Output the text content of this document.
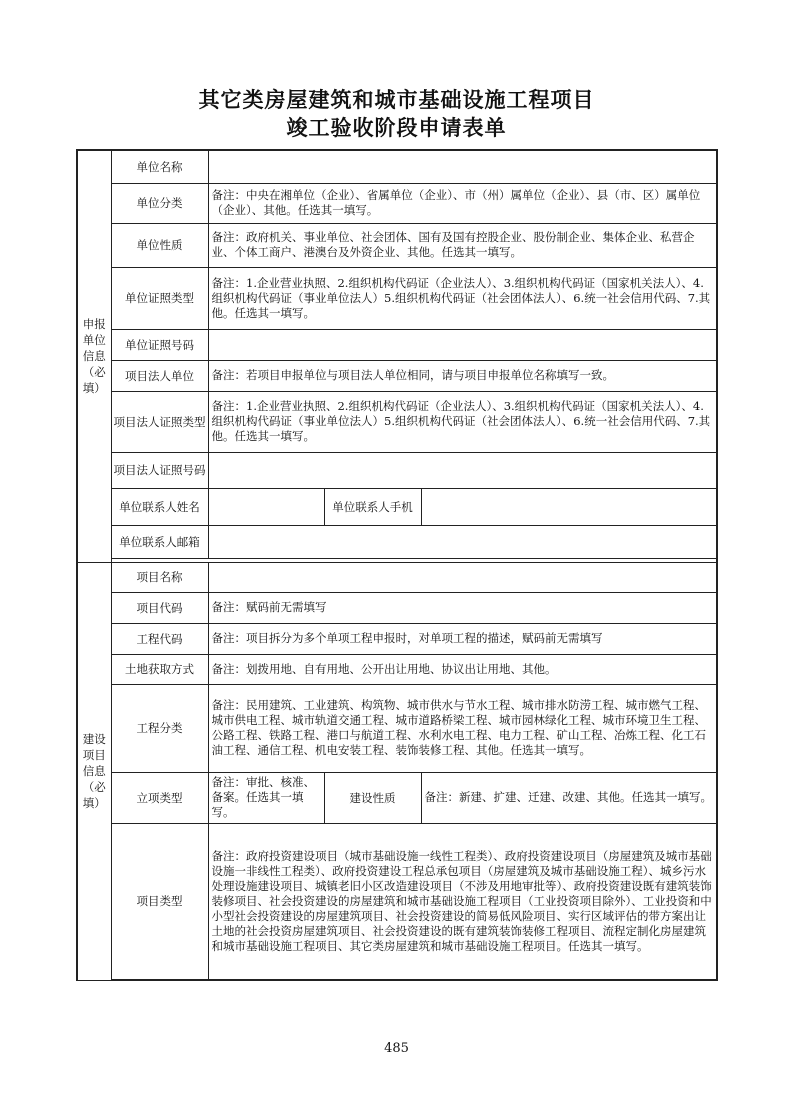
其它类房屋建筑和城市基础设施工程项目
竣工验收阶段申请表单
申报单位信息（必填）	单位名称			
	单位分类	备注：中央在湘单位（企业）、省属单位（企业）、市（州）属单位（企业）、县（市、区）属单位（企业）、其他。任选其一填写。		
	单位性质	备注：政府机关、事业单位、社会团体、国有及国有控股企业、股份制企业、集体企业、私营企业、个体工商户、港澳台及外资企业、其他。任选其一填写。		
	单位证照类型	备注：1.企业营业执照、2.组织机构代码证（企业法人）、3.组织机构代码证（国家机关法人）、4.组织机构代码证（事业单位法人）5.组织机构代码证（社会团体法人）、6.统一社会信用代码、7.其他。任选其一填写。		
	单位证照号码			
	项目法人单位	备注：若项目申报单位与项目法人单位相同，请与项目申报单位名称填写一致。		
	项目法人证照类型	备注：1.企业营业执照、2.组织机构代码证（企业法人）、3.组织机构代码证（国家机关法人）、4.组织机构代码证（事业单位法人）5.组织机构代码证（社会团体法人）、6.统一社会信用代码、7.其他。任选其一填写。		
	项目法人证照号码			
	单位联系人姓名		单位联系人手机	
	单位联系人邮箱			

建设项目信息（必填）	项目名称			
	项目代码	备注：赋码前无需填写		
	工程代码	备注：项目拆分为多个单项工程申报时，对单项工程的描述，赋码前无需填写		
	土地获取方式	备注：划拨用地、自有用地、公开出让用地、协议出让用地、其他。		
	工程分类	备注：民用建筑、工业建筑、构筑物、城市供水与节水工程、城市排水防涝工程、城市燃气工程、城市供电工程、城市轨道交通工程、城市道路桥梁工程、城市园林绿化工程、城市环境卫生工程、公路工程、铁路工程、港口与航道工程、水利水电工程、电力工程、矿山工程、冶炼工程、化工石油工程、通信工程、机电安装工程、装饰装修工程、其他。任选其一填写。		
	立项类型	备注：审批、核准、备案。任选其一填写。	建设性质	备注：新建、扩建、迁建、改建、其他。任选其一填写。
	项目类型	备注：政府投资建设项目（城市基础设施一线性工程类）、政府投资建设项目（房屋建筑及城市基础设施一非线性工程类）、政府投资建设工程总承包项目（房屋建筑及城市基础设施工程）、城乡污水处理设施建设项目、城镇老旧小区改造建设项目（不涉及用地审批等）、政府投资建设既有建筑装饰装修项目、社会投资建设的房屋建筑和城市基础设施工程项目（工业投资项目除外）、工业投资和中小型社会投资建设的房屋建筑项目、社会投资建设的简易低风险项目、实行区域评估的带方案出让土地的社会投资房屋建筑项目、社会投资建设的既有建筑装饰装修工程项目、流程定制化房屋建筑和城市基础设施工程项目、其它类房屋建筑和城市基础设施工程项目。任选其一填写。		
485
